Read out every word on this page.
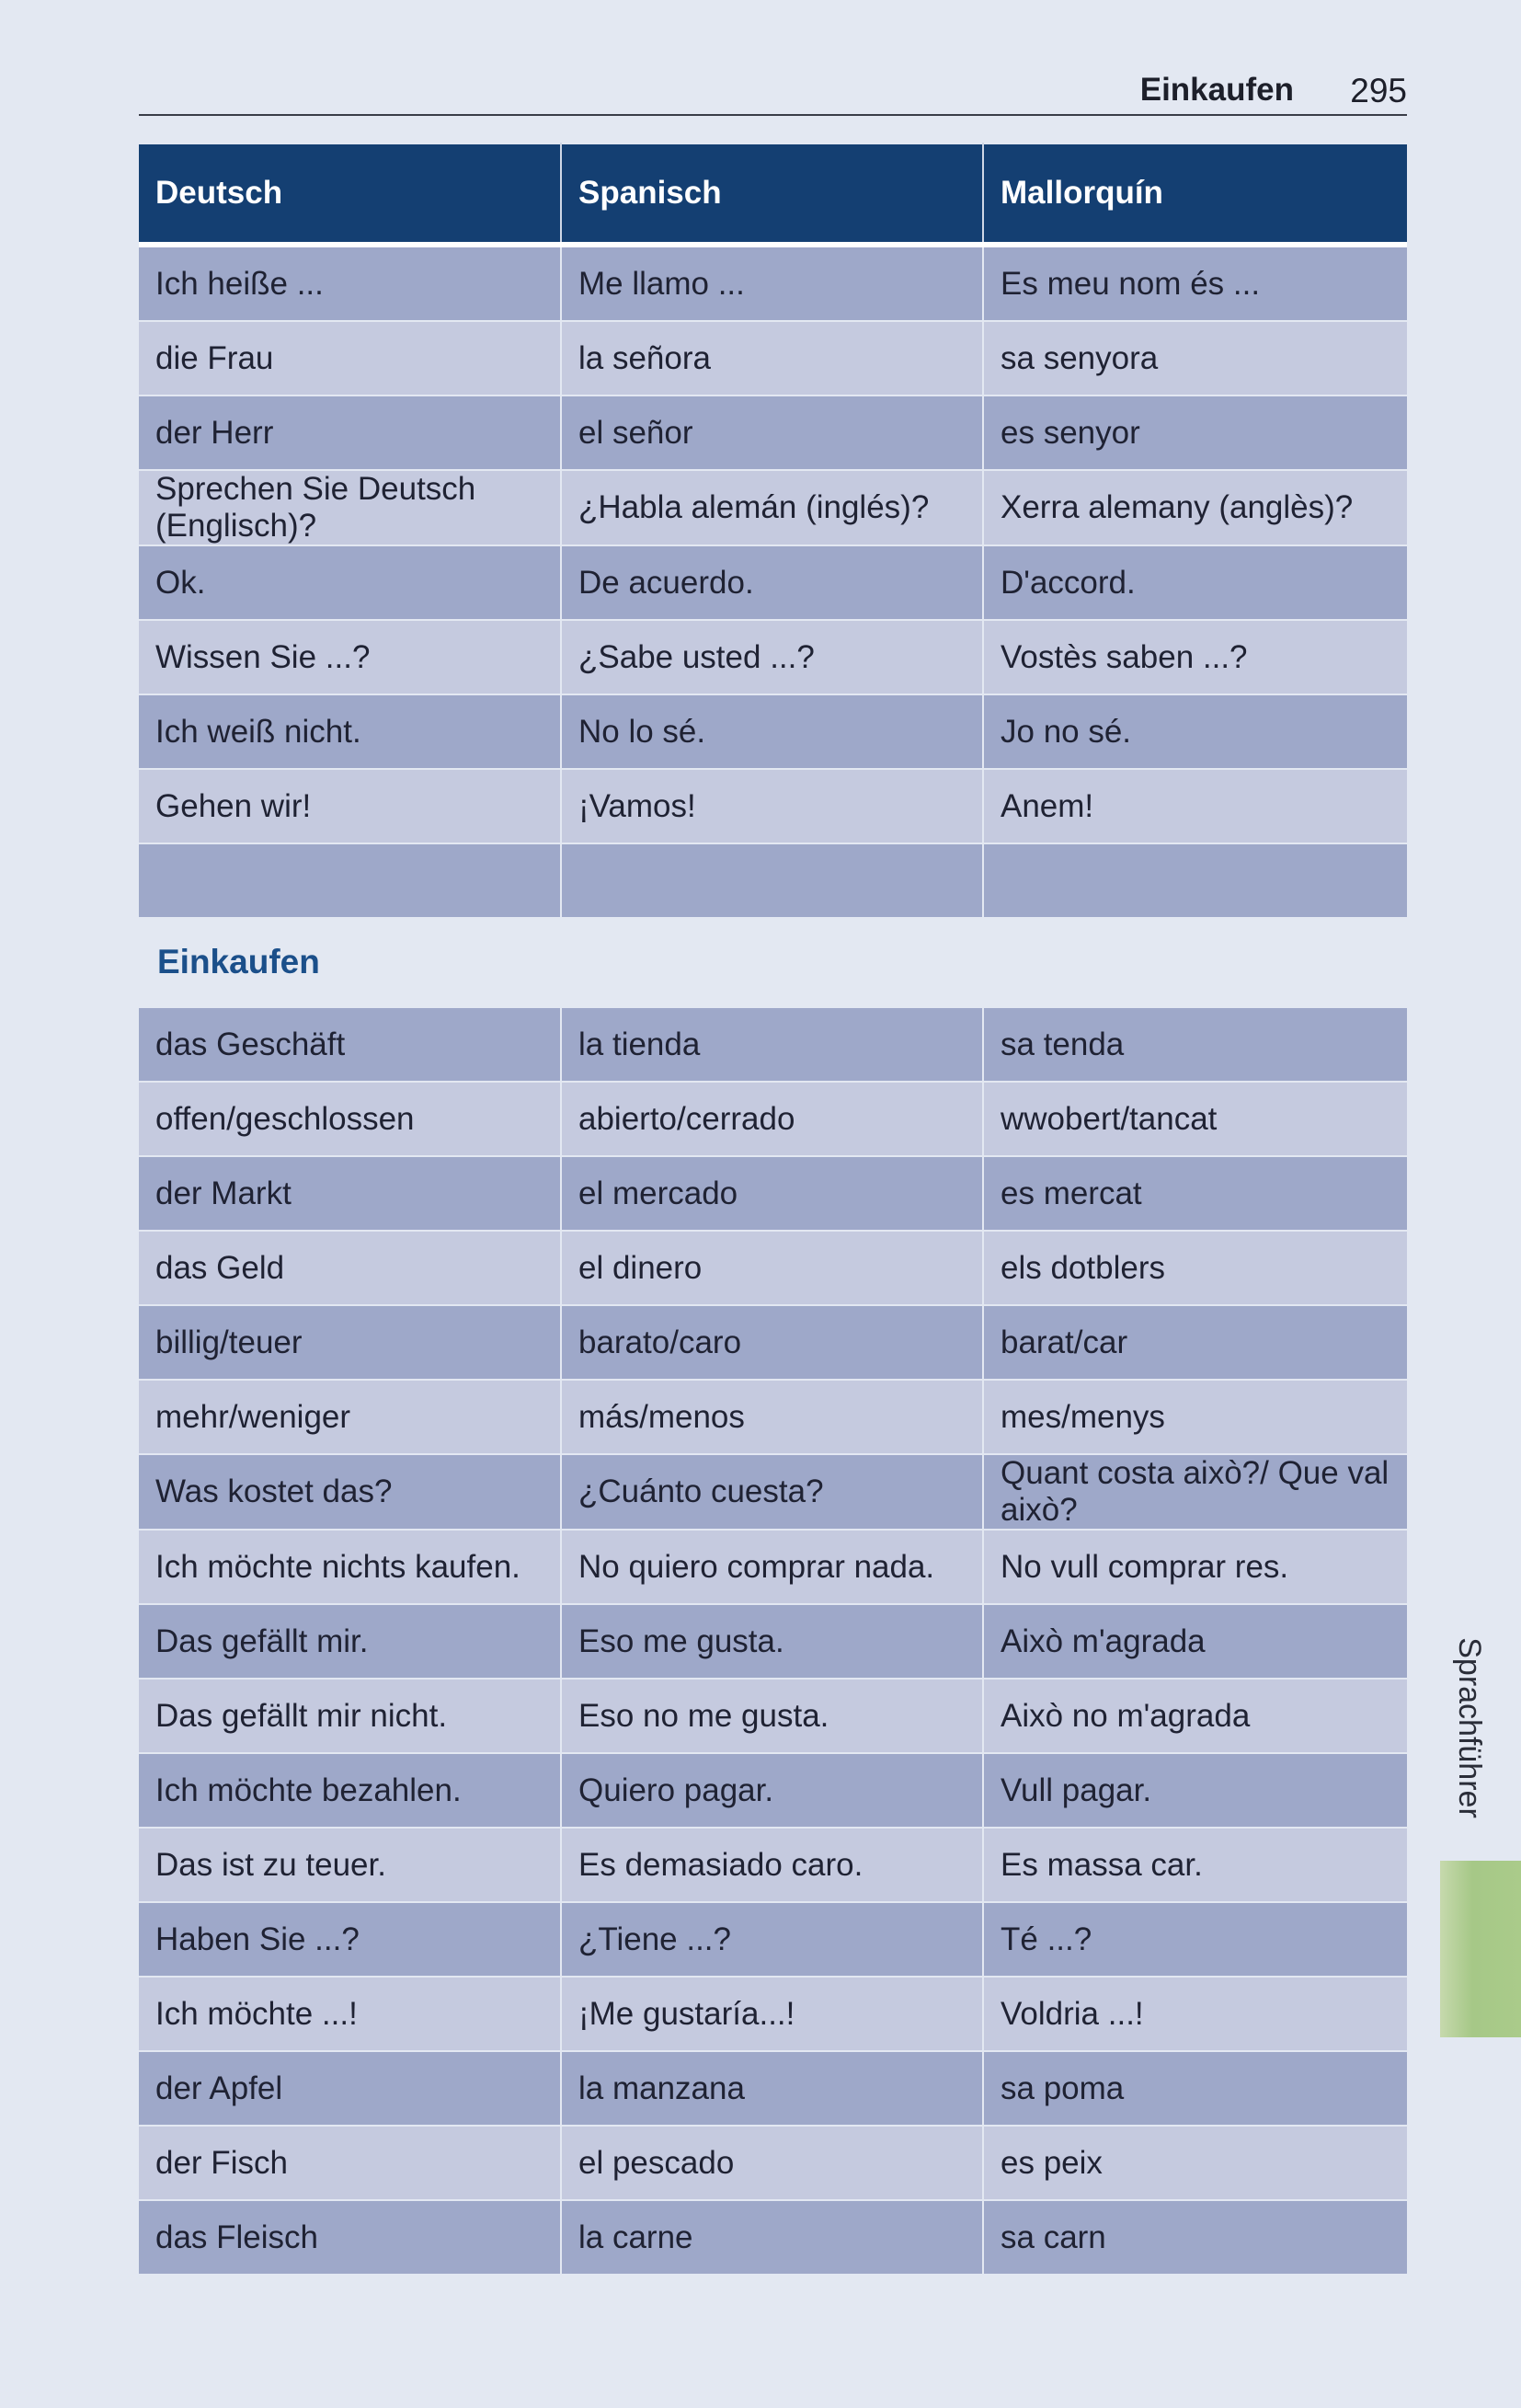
Einkaufen 295
Deutsch	Spanisch	Mallorquín
Ich heiße ...	Me llamo ...	Es meu nom és ...
die Frau	la señora	sa senyora
der Herr	el señor	es senyor
Sprechen Sie Deutsch (Englisch)?	¿Habla alemán (inglés)?	Xerra alemany (anglès)?
Ok.	De acuerdo.	D'accord.
Wissen Sie ...?	¿Sabe usted ...?	Vostès saben ...?
Ich weiß nicht.	No lo sé.	Jo no sé.
Gehen wir!	¡Vamos!	Anem!

Einkaufen
das Geschäft	la tienda	sa tenda
offen/geschlossen	abierto/cerrado	wwobert/tancat
der Markt	el mercado	es mercat
das Geld	el dinero	els dotblers
billig/teuer	barato/caro	barat/car
mehr/weniger	más/menos	mes/menys
Was kostet das?	¿Cuánto cuesta?	Quant costa això?/ Que val això?
Ich möchte nichts kaufen.	No quiero comprar nada.	No vull comprar res.
Das gefällt mir.	Eso me gusta.	Això m'agrada
Das gefällt mir nicht.	Eso no me gusta.	Això no m'agrada
Ich möchte bezahlen.	Quiero pagar.	Vull pagar.
Das ist zu teuer.	Es demasiado caro.	Es massa car.
Haben Sie ...?	¿Tiene ...?	Té ...?
Ich möchte ...!	¡Me gustaría...!	Voldria ...!
der Apfel	la manzana	sa poma
der Fisch	el pescado	es peix
das Fleisch	la carne	sa carn
Sprachführer
